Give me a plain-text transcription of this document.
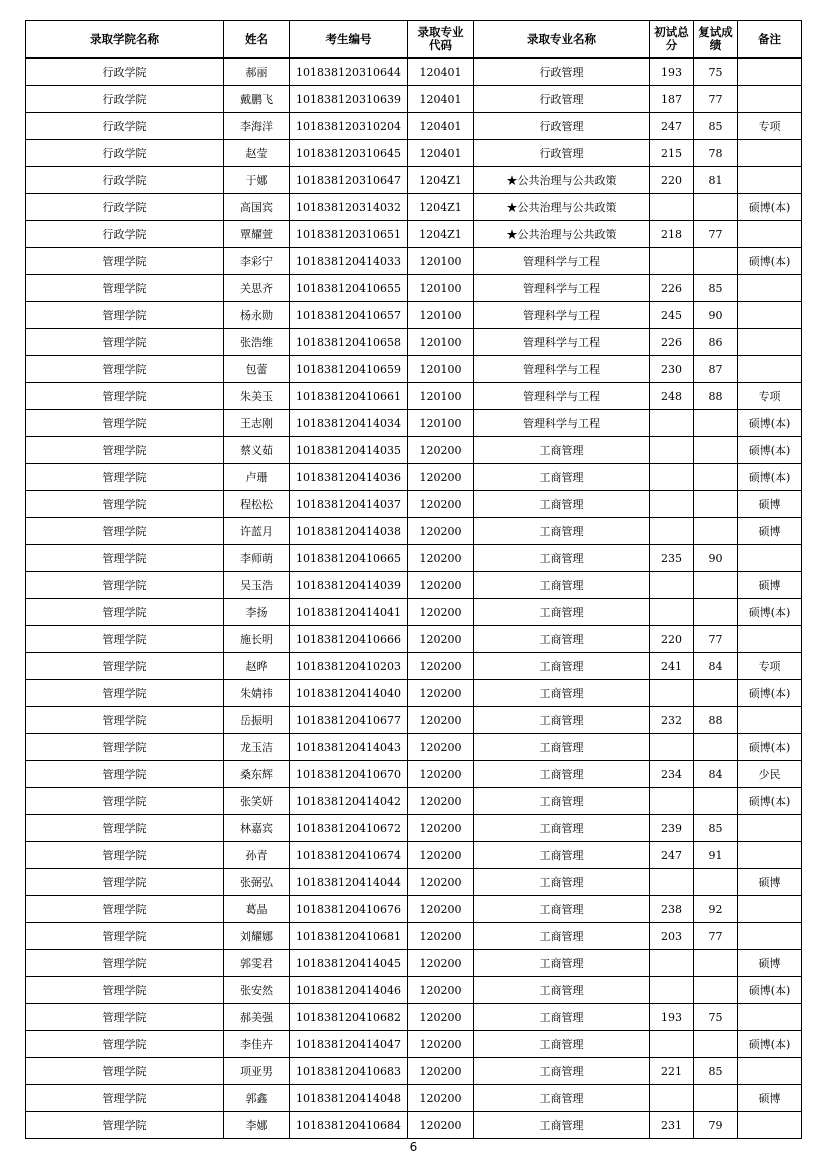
录取学院名称	姓名	考生编号	录取专业代码	录取专业名称	初试总分	复试成绩	备注
行政学院	郝丽	101838120310644	120401	行政管理	193	75	
行政学院	戴鹏飞	101838120310639	120401	行政管理	187	77	
行政学院	李海洋	101838120310204	120401	行政管理	247	85	专项
行政学院	赵莹	101838120310645	120401	行政管理	215	78	
行政学院	于娜	101838120310647	1204Z1	★公共治理与公共政策	220	81	
行政学院	高国宾	101838120314032	1204Z1	★公共治理与公共政策			硕博(本)
行政学院	覃耀萱	101838120310651	1204Z1	★公共治理与公共政策	218	77	
管理学院	李彩宁	101838120414033	120100	管理科学与工程			硕博(本)
管理学院	关思齐	101838120410655	120100	管理科学与工程	226	85	
管理学院	杨永勋	101838120410657	120100	管理科学与工程	245	90	
管理学院	张浩维	101838120410658	120100	管理科学与工程	226	86	
管理学院	包蕾	101838120410659	120100	管理科学与工程	230	87	
管理学院	朱美玉	101838120410661	120100	管理科学与工程	248	88	专项
管理学院	王志刚	101838120414034	120100	管理科学与工程			硕博(本)
管理学院	蔡义茹	101838120414035	120200	工商管理			硕博(本)
管理学院	卢珊	101838120414036	120200	工商管理			硕博(本)
管理学院	程松松	101838120414037	120200	工商管理			硕博
管理学院	许蓝月	101838120414038	120200	工商管理			硕博
管理学院	李师萌	101838120410665	120200	工商管理	235	90	
管理学院	吴玉浩	101838120414039	120200	工商管理			硕博
管理学院	李扬	101838120414041	120200	工商管理			硕博(本)
管理学院	施长明	101838120410666	120200	工商管理	220	77	
管理学院	赵晔	101838120410203	120200	工商管理	241	84	专项
管理学院	朱婧祎	101838120414040	120200	工商管理			硕博(本)
管理学院	岳振明	101838120410677	120200	工商管理	232	88	
管理学院	龙玉洁	101838120414043	120200	工商管理			硕博(本)
管理学院	桑东辉	101838120410670	120200	工商管理	234	84	少民
管理学院	张笑妍	101838120414042	120200	工商管理			硕博(本)
管理学院	林嘉宾	101838120410672	120200	工商管理	239	85	
管理学院	孙青	101838120410674	120200	工商管理	247	91	
管理学院	张弼弘	101838120414044	120200	工商管理			硕博
管理学院	葛晶	101838120410676	120200	工商管理	238	92	
管理学院	刘耀娜	101838120410681	120200	工商管理	203	77	
管理学院	郭雯君	101838120414045	120200	工商管理			硕博
管理学院	张安然	101838120414046	120200	工商管理			硕博(本)
管理学院	郝美强	101838120410682	120200	工商管理	193	75	
管理学院	李佳卉	101838120414047	120200	工商管理			硕博(本)
管理学院	项亚男	101838120410683	120200	工商管理	221	85	
管理学院	郭鑫	101838120414048	120200	工商管理			硕博
管理学院	李娜	101838120410684	120200	工商管理	231	79	
6
